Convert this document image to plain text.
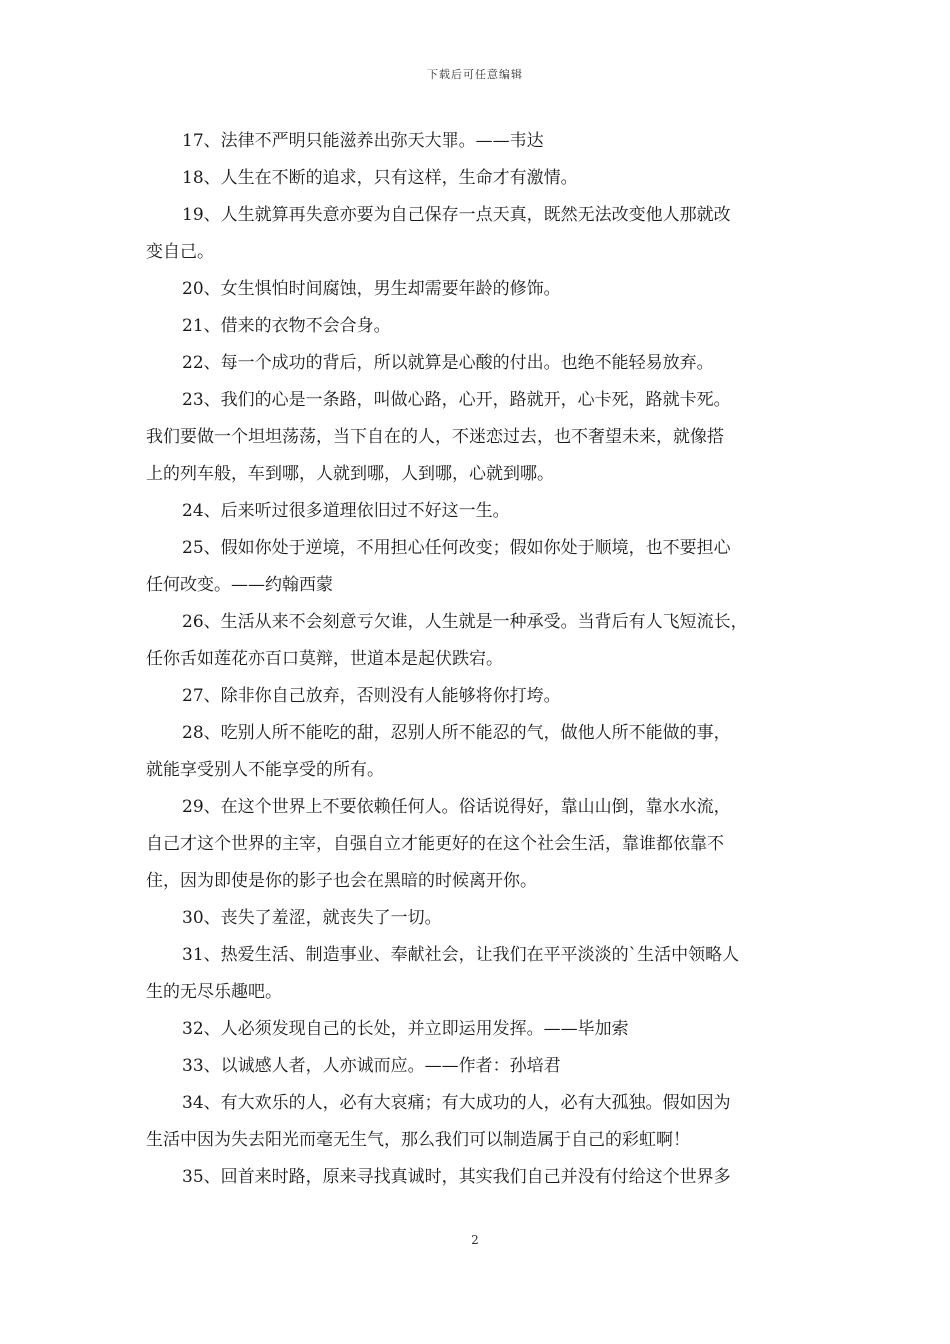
下载后可任意编辑

17、法律不严明只能滋养出弥天大罪。——韦达

18、人生在不断的追求，只有这样，生命才有激情。

19、人生就算再失意亦要为自己保存一点天真，既然无法改变他人那就改
变自己。

20、女生惧怕时间腐蚀，男生却需要年龄的修饰。

21、借来的衣物不会合身。

22、每一个成功的背后，所以就算是心酸的付出。也绝不能轻易放弃。

23、我们的心是一条路，叫做心路，心开，路就开，心卡死，路就卡死。
我们要做一个坦坦荡荡，当下自在的人，不迷恋过去，也不奢望未来，就像搭
上的列车般，车到哪，人就到哪，人到哪，心就到哪。

24、后来听过很多道理依旧过不好这一生。

25、假如你处于逆境，不用担心任何改变；假如你处于顺境，也不要担心
任何改变。——约翰西蒙

26、生活从来不会刻意亏欠谁，人生就是一种承受。当背后有人飞短流长，
任你舌如莲花亦百口莫辩，世道本是起伏跌宕。

27、除非你自己放弃，否则没有人能够将你打垮。

28、吃别人所不能吃的甜，忍别人所不能忍的气，做他人所不能做的事，
就能享受别人不能享受的所有。

29、在这个世界上不要依赖任何人。俗话说得好，靠山山倒，靠水水流，
自己才这个世界的主宰，自强自立才能更好的在这个社会生活，靠谁都依靠不
住，因为即使是你的影子也会在黑暗的时候离开你。

30、丧失了羞涩，就丧失了一切。

31、热爱生活、制造事业、奉献社会，让我们在平平淡淡的`生活中领略人
生的无尽乐趣吧。

32、人必须发现自己的长处，并立即运用发挥。——毕加索

33、以诚感人者，人亦诚而应。——作者：孙培君

34、有大欢乐的人，必有大哀痛；有大成功的人，必有大孤独。假如因为
生活中因为失去阳光而毫无生气，那么我们可以制造属于自己的彩虹啊！

35、回首来时路，原来寻找真诚时，其实我们自己并没有付给这个世界多

2
